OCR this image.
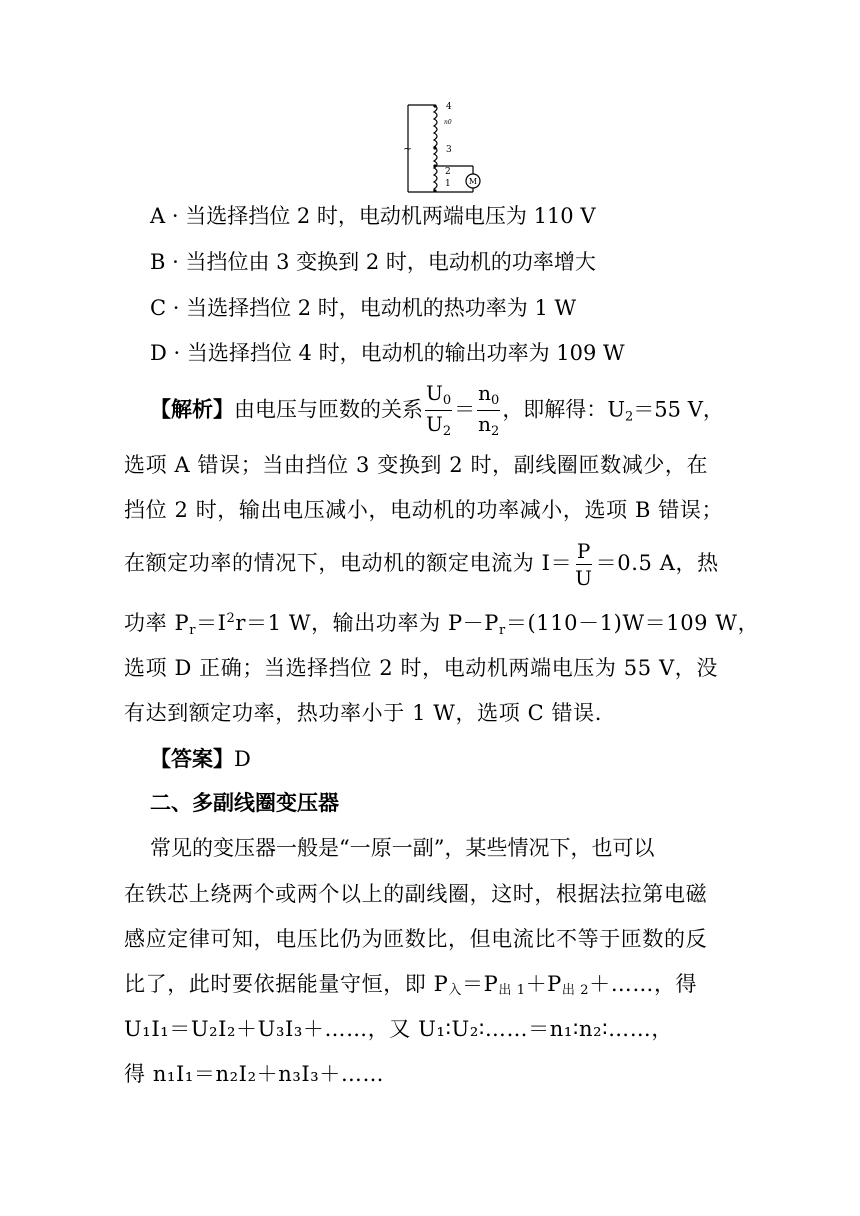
M
~
4
n0
3
2
1
A · 当选择挡位 2 时，电动机两端电压为 110 V
B · 当挡位由 3 变换到 2 时，电动机的功率增大
C · 当选择挡位 2 时，电动机的热功率为 1 W
D · 当选择挡位 4 时，电动机的输出功率为 109 W
【解析】由电压与匝数的关系 $\frac{U_0}{U_2} = \frac{n_0}{n_2}$ ，即解得：$U_2=55$ V，
选项 A 错误；当由挡位 3 变换到 2 时，副线圈匝数减少，在
挡位 2 时，输出电压减小，电动机的功率减小，选项 B 错误；
在额定功率的情况下，电动机的额定电流为 $I= \frac{P}{U} =0.5$ A，热
功率 $P_r=I^2r=1$ W，输出功率为 $P-P_r=(110-1)W=109$ W，
选项 D 正确；当选择挡位 2 时，电动机两端电压为 55 V，没
有达到额定功率，热功率小于 1 W，选项 C 错误.
【答案】D
二、多副线圈变压器
常见的变压器一般是“一原一副”，某些情况下，也可以
在铁芯上绕两个或两个以上的副线圈，这时，根据法拉第电磁
感应定律可知，电压比仍为匝数比，但电流比不等于匝数的反
比了，此时要依据能量守恒，即 P入＝P出 1＋P出 2＋……，得
U₁I₁＝U₂I₂＋U₃I₃＋……，又 U₁∶U₂∶……＝n₁∶n₂∶……，
得 n₁I₁＝n₂I₂＋n₃I₃＋……
